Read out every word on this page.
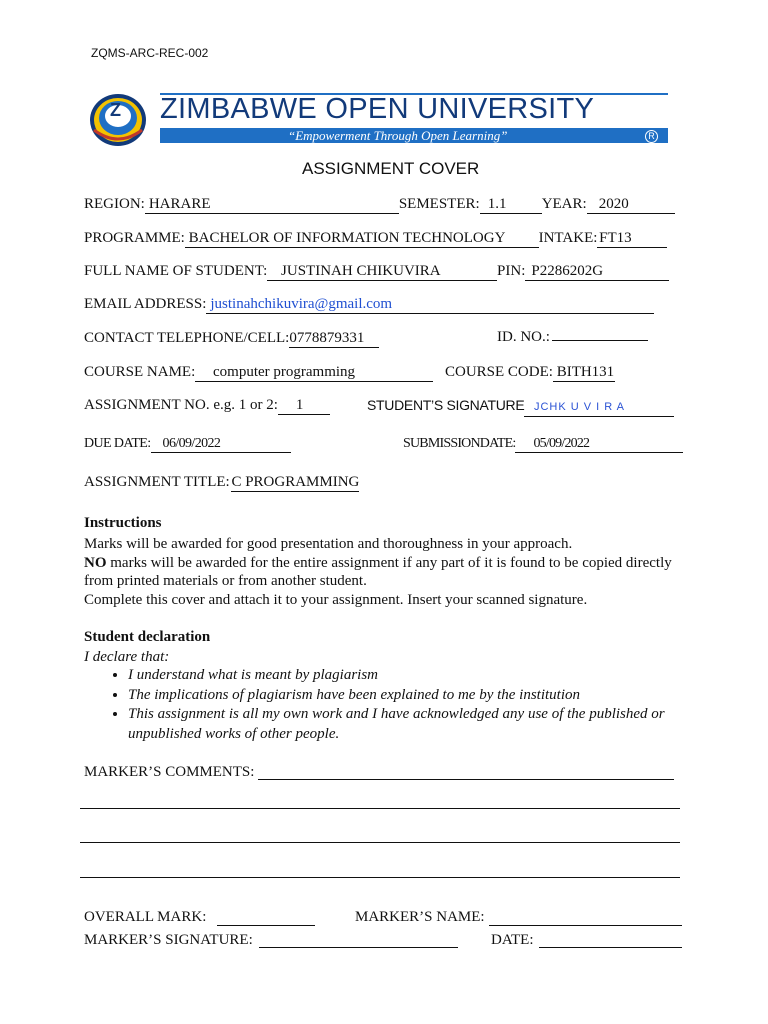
ZQMS-ARC-REC-002
Z ZIMBABWE OPEN UNIVERSITY
“Empowerment Through Open Learning”	R
ASSIGNMENT COVER
REGION: HARARE	SEMESTER: 1.1 YEAR: 2020
PROGRAMME: BACHELOR OF INFORMATION TECHNOLOGY INTAKE: FT13
FULL NAME OF STUDENT: JUSTINAH CHIKUVIRA	PIN: P2286202G
EMAIL ADDRESS: justinahchikuvira@gmail.com
CONTACT TELEPHONE/CELL:0778879331	ID. NO.:
COURSE NAME: computer programming	COURSE CODE: BITH131
ASSIGNMENT NO. e.g. 1 or 2: 1	STUDENT’S SIGNATURE JCHK U V I R A
DUE DATE: 06/09/2022	SUBMISSIONDATE: 05/09/2022
ASSIGNMENT TITLE: C PROGRAMMING
Instructions
Marks will be awarded for good presentation and thoroughness in your approach.
NO marks will be awarded for the entire assignment if any part of it is found to be copied directly
from printed materials or from another student.
Complete this cover and attach it to your assignment. Insert your scanned signature.
Student declaration
I declare that:
• I understand what is meant by plagiarism
• The implications of plagiarism have been explained to me by the institution
• This assignment is all my own work and I have acknowledged any use of the published or
unpublished works of other people.
MARKER’S COMMENTS:
OVERALL MARK:	MARKER’S NAME:
MARKER’S SIGNATURE:	DATE:
